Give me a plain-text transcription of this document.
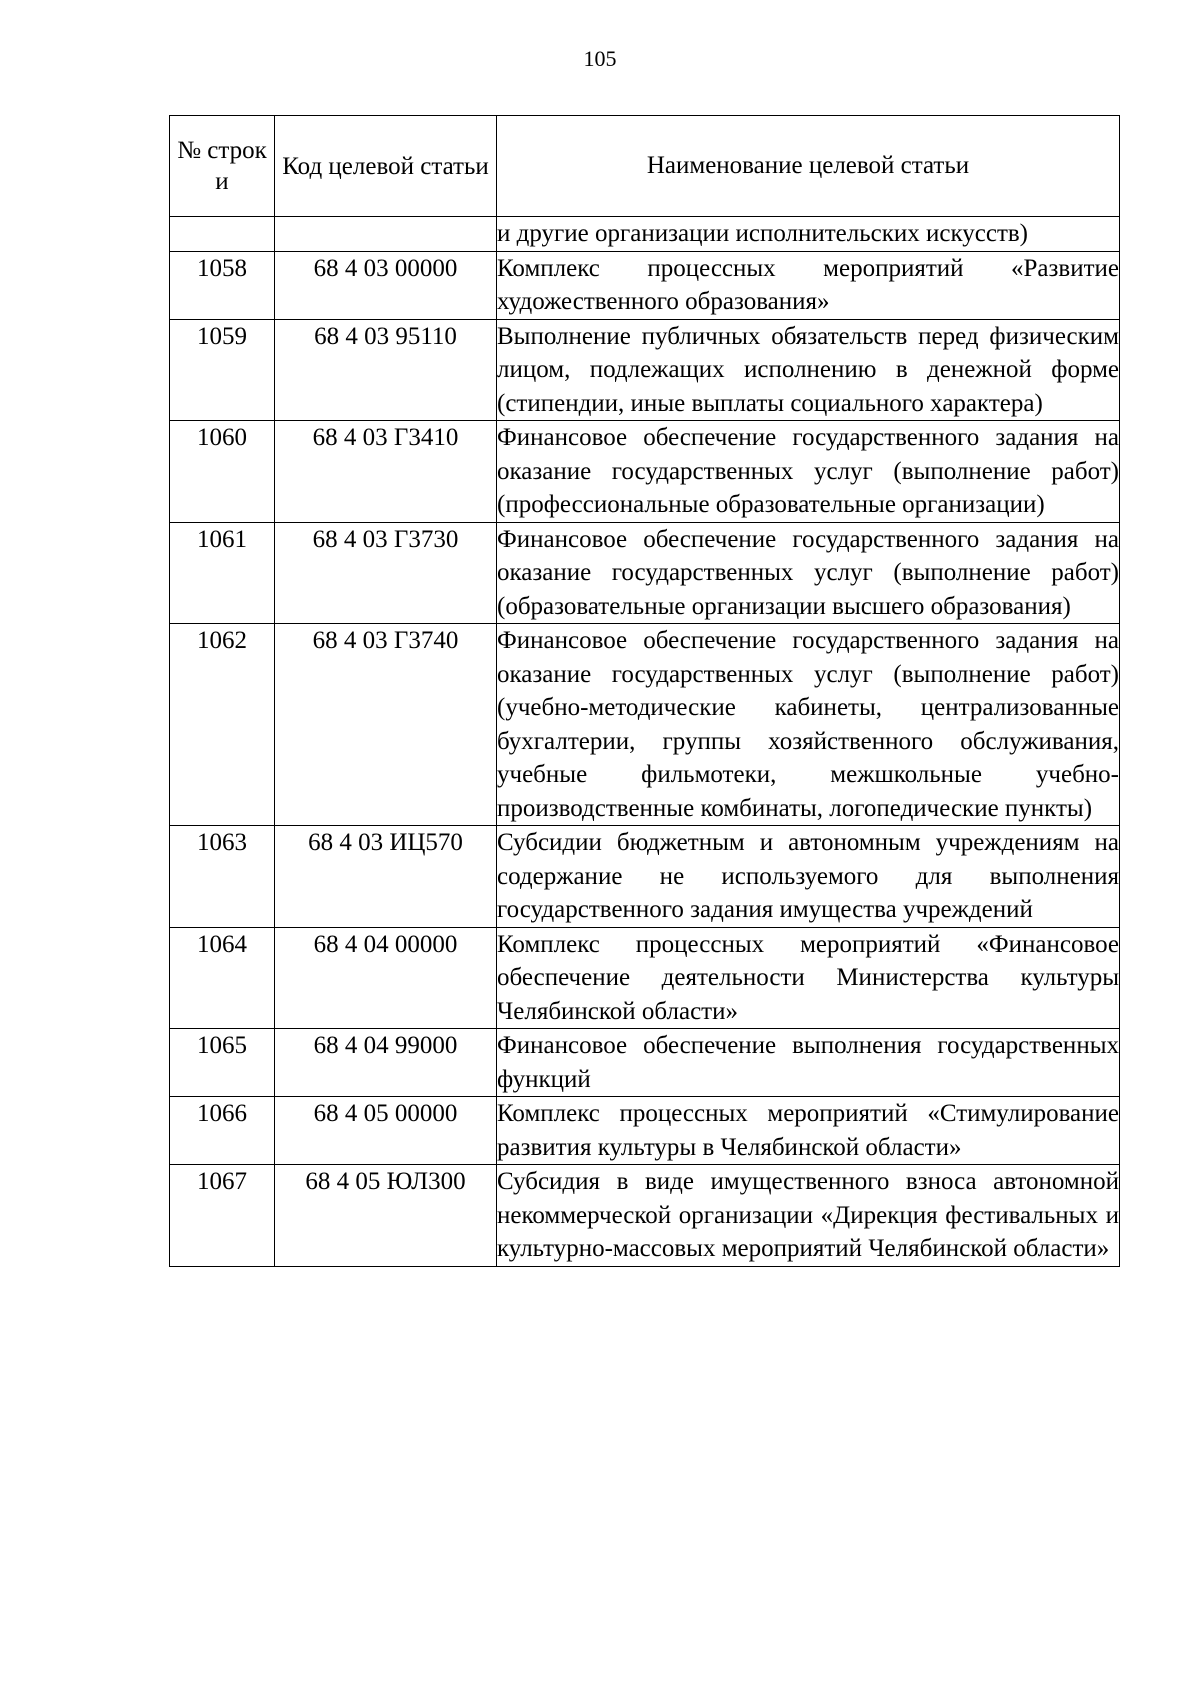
105
№ строк и	Код целевой статьи	Наименование целевой статьи
		и другие организации исполнительских искусств)
1058	68 4 03 00000	Комплекс процессных мероприятий «Развитие художественного образования»
1059	68 4 03 95110	Выполнение публичных обязательств перед физическим лицом, подлежащих исполнению в денежной форме (стипендии, иные выплаты социального характера)
1060	68 4 03 Г3410	Финансовое обеспечение государственного задания на оказание государственных услуг (выполнение работ) (профессиональные образовательные организации)
1061	68 4 03 Г3730	Финансовое обеспечение государственного задания на оказание государственных услуг (выполнение работ) (образовательные организации высшего образования)
1062	68 4 03 Г3740	Финансовое обеспечение государственного задания на оказание государственных услуг (выполнение работ) (учебно-методические кабинеты, централизованные бухгалтерии, группы хозяйственного обслуживания, учебные фильмотеки, межшкольные учебно-производственные комбинаты, логопедические пункты)
1063	68 4 03 ИЦ570	Субсидии бюджетным и автономным учреждениям на содержание не используемого для выполнения государственного задания имущества учреждений
1064	68 4 04 00000	Комплекс процессных мероприятий «Финансовое обеспечение деятельности Министерства культуры Челябинской области»
1065	68 4 04 99000	Финансовое обеспечение выполнения государственных функций
1066	68 4 05 00000	Комплекс процессных мероприятий «Стимулирование развития культуры в Челябинской области»
1067	68 4 05 ЮЛ300	Субсидия в виде имущественного взноса автономной некоммерческой организации «Дирекция фестивальных и культурно-массовых мероприятий Челябинской области»
